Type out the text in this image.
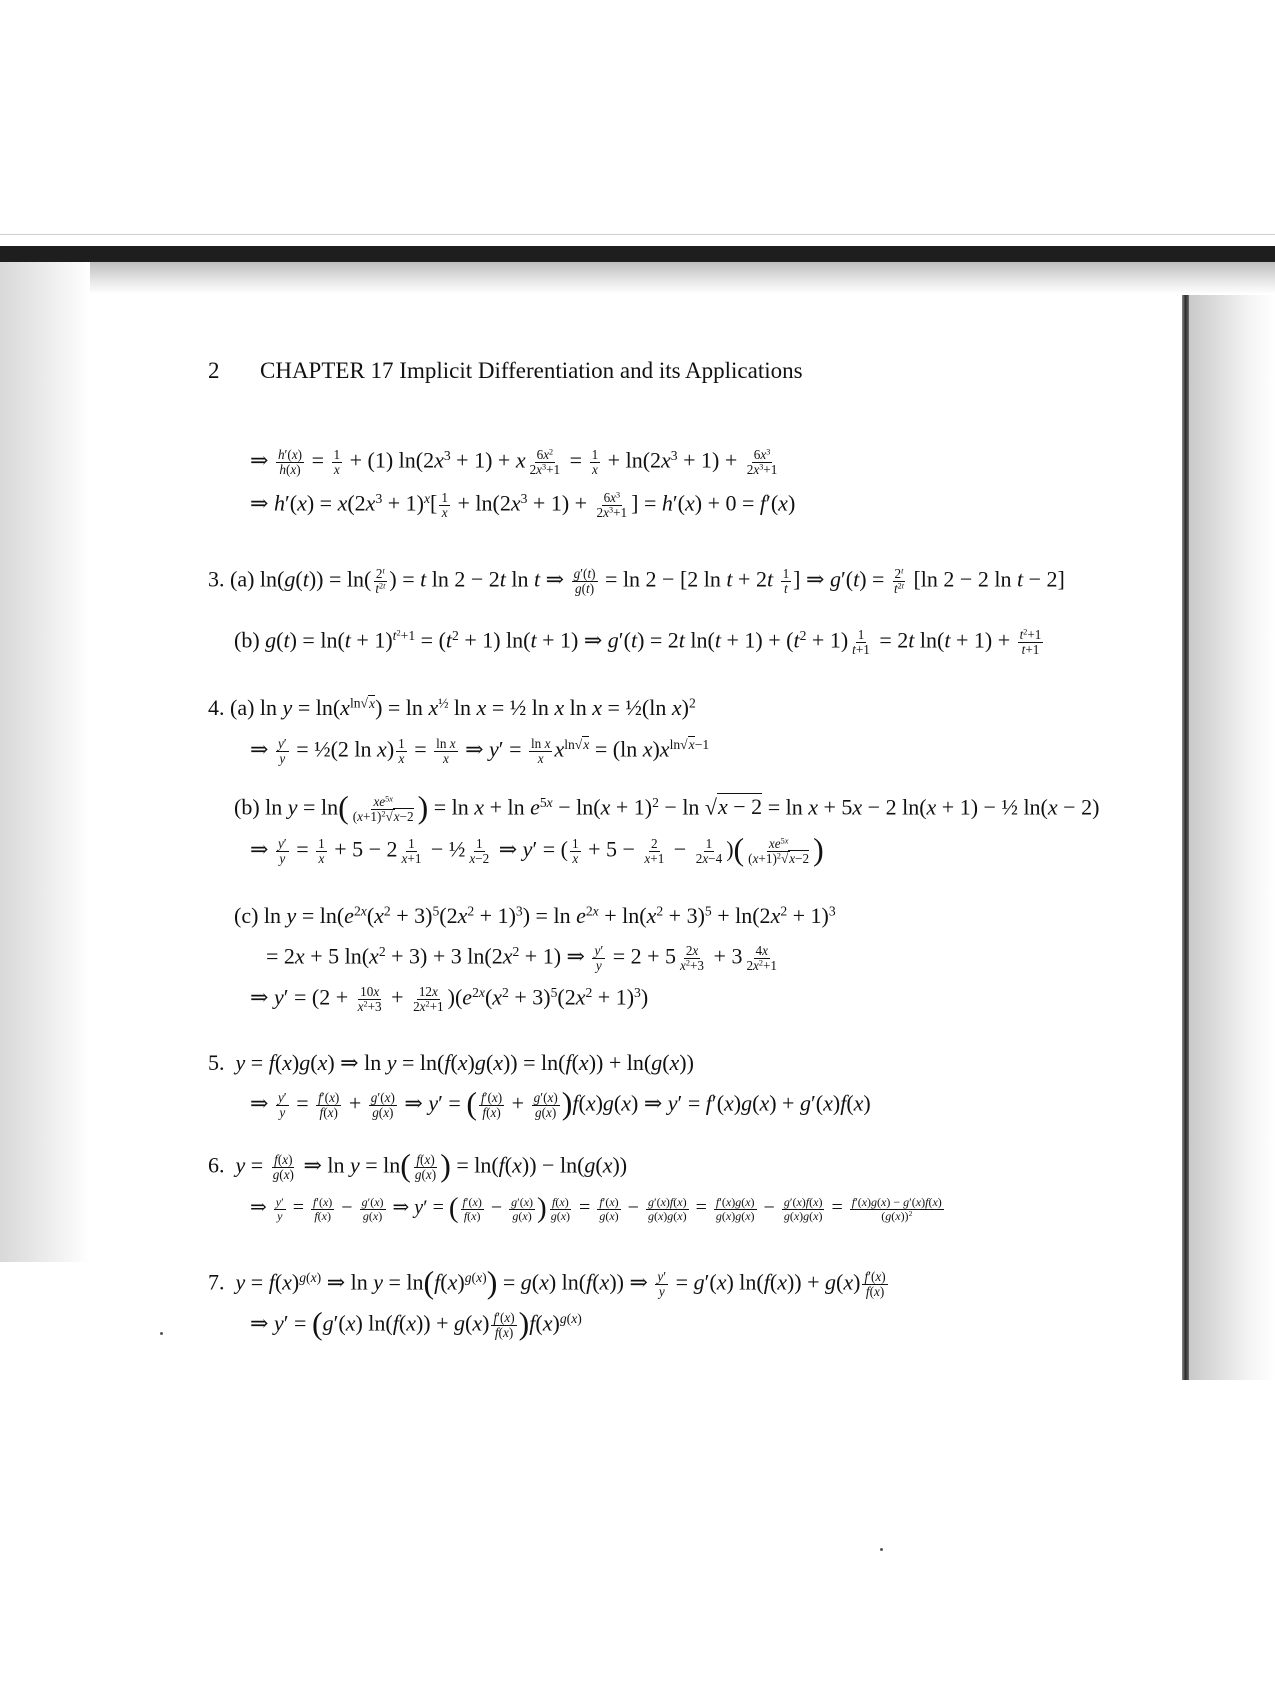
2 CHAPTER 17 Implicit Differentiation and its Applications
⇒ $\frac{h'(x)}{h(x)} = \frac{1}{x} + (1) \ln(2x^3 + 1) + x \frac{6x^2}{2x^3+1} = \frac{1}{x} + \ln(2x^3 + 1) + \frac{6x^3}{2x^3+1}$
⇒ $h'(x) = x(2x^3 + 1)^x[ \frac{1}{x} + \ln(2x^3 + 1) + \frac{6x^3}{2x^3+1}$ ] = h′(x) + 0 = f′(x)
3. (a) $\ln(g(t)) = \ln( \frac{2^t}{t^{2t}}$ ) = t ln 2 − 2t ln t ⇒ $\frac{g'(t)}{g(t)} = \ln 2 - [2$ $\ln t + 2t \frac{1}{t}$ ] ⇒ $g'(t) = \frac{2^t}{t^{2t}} [\ln$ 2 − 2 ln t − 2]
(b) $g(t) = \ln(t + 1)^{t^2+1} = (t^2 + 1)$ ln(t + 1) ⇒ g′(t) = 2t $\ln(t + 1) + (t^2 + 1) \frac{1}{t+1} = 2t$ $\ln(t + 1) + \frac{t^2+1}{t+1}$
4. (a) $\ln y = \ln(x^{ln√x}) = \ln x^{\frac{1}{2}}$ ln x = ½ ln x ln x = ½(ln x)$^2$
⇒ $\frac{y'}{y}$ = ½(2 $\ln x) \frac{1}{x} = \frac{\text{ln x}}{x}$ ⇒ $y' = \frac{\text{ln x}}{x} x^{ln√x} = (\ln$ $x)x^{ln√x-1}$
(b) $\ln y = \ln( \frac{xe^{5x}}{(x+1)^2√x-2}$ ) = $\ln x + \ln e^{5x} - \ln(x + 1)^2 - \ln √x - 2 = \ln x + 5x - 2$ ln(x + 1) − ½ ln(x − 2)
⇒ $\frac{y'}{y} = \frac{1}{x} + 5 - 2 \frac{1}{x+1}$ − ½ $\frac{1}{x-2}$ ⇒ y′ = ( $\frac{1}{x} + 5 - \frac{2}{x+1} - \frac{1}{2x-4}$ )( $\frac{xe^{5x}}{(x+1)^2√x-2}$ )
(c) $\ln y = \ln(e^{2x}(x^2 + 3)^5(2x^2 + 1)^3) = \ln e^{2x} + \ln(x^2 + 3)^5 + \ln(2x^2 + 1)^3$
= 2x + 5 $\ln(x^2 + 3) + 3$ $\ln(2x^2 + 1)$ ⇒ $\frac{y'}{y} = 2 + 5 \frac{2x}{x^2+3} + 3 \frac{4x}{2x^2+1}$
⇒ $y' = (2 + \frac{10x}{x^2+3} + \frac{12x}{2x^2+1} )(e^{2x}(x^2 + 3)^5(2x^2 + 1)^3)$
5. y = f(x)g(x) ⇒ ln y = ln(f(x)g(x)) = ln(f(x)) + ln(g(x))
⇒ $\frac{y'}{y} = \frac{f'(x)}{f(x)} + \frac{g'(x)}{g(x)}$ ⇒ y′ = ( $\frac{f'(x)}{f(x)} + \frac{g'(x)}{g(x)} )f(x)g(x)$ ⇒ y′ = f′(x)g(x) + g′(x)f(x)
6. $y = \frac{f(x)}{g(x)}$ ⇒ $\ln y = \ln( \frac{f(x)}{g(x)}$ ) = ln(f(x)) − ln(g(x))
⇒ $\frac{y'}{y} = \frac{f'(x)}{f(x)} - \frac{g'(x)}{g(x)}$ ⇒ y′ = ( $\frac{f'(x)}{f(x)} - \frac{g'(x)}{g(x)}$ ) $\frac{f(x)}{g(x)} = \frac{f'(x)}{g(x)} - \frac{g'(x)f(x)}{g(x)g(x)} = \frac{f'(x)g(x)}{g(x)g(x)} - \frac{g'(x)f(x)}{g(x)g(x)} = \frac{f'(x)g(x) - g'(x)f(x)}{(g(x))^2}$
7. $y = f(x)^{g(x)}$ ⇒ $\ln y = \ln(f(x)^{g(x)}) = g(x)$ ln(f(x)) ⇒ $\frac{y'}{y} = g'(x) \ln(f(x)) + g(x) \frac{f'(x)}{f(x)}$
⇒ y′ = (g′(x) $\ln(f(x)) + g(x) \frac{f'(x)}{f(x)} )f(x)^{g(x)}$
